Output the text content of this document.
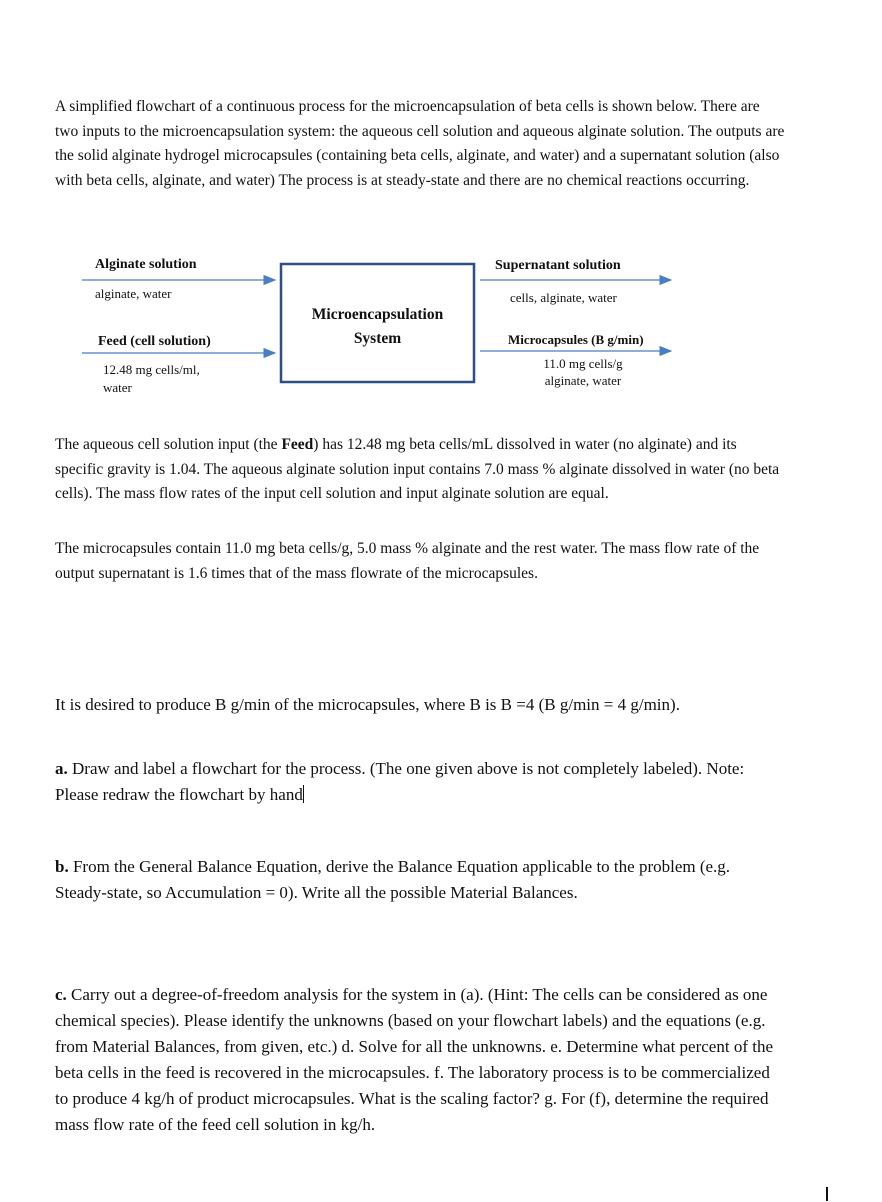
A simplified flowchart of a continuous process for the microencapsulation of beta cells is shown below. There are two inputs to the microencapsulation system: the aqueous cell solution and aqueous alginate solution. The outputs are the solid alginate hydrogel microcapsules (containing beta cells, alginate, and water) and a supernatant solution (also with beta cells, alginate, and water) The process is at steady-state and there are no chemical reactions occurring.

Alginate solution
alginate, water
Feed (cell solution)
12.48 mg cells/ml,
water
Microencapsulation
System
Supernatant solution
cells, alginate, water
Microcapsules (B g/min)
11.0 mg cells/g
alginate, water

The aqueous cell solution input (the Feed) has 12.48 mg beta cells/mL dissolved in water (no alginate) and its specific gravity is 1.04. The aqueous alginate solution input contains 7.0 mass % alginate dissolved in water (no beta cells). The mass flow rates of the input cell solution and input alginate solution are equal.

The microcapsules contain 11.0 mg beta cells/g, 5.0 mass % alginate and the rest water. The mass flow rate of the output supernatant is 1.6 times that of the mass flowrate of the microcapsules.

It is desired to produce B g/min of the microcapsules, where B is B =4 (B g/min = 4 g/min).

a. Draw and label a flowchart for the process. (The one given above is not completely labeled). Note: Please redraw the flowchart by hand

b. From the General Balance Equation, derive the Balance Equation applicable to the problem (e.g. Steady-state, so Accumulation = 0). Write all the possible Material Balances.

c. Carry out a degree-of-freedom analysis for the system in (a). (Hint: The cells can be considered as one chemical species). Please identify the unknowns (based on your flowchart labels) and the equations (e.g. from Material Balances, from given, etc.) d. Solve for all the unknowns. e. Determine what percent of the beta cells in the feed is recovered in the microcapsules. f. The laboratory process is to be commercialized to produce 4 kg/h of product microcapsules. What is the scaling factor? g. For (f), determine the required mass flow rate of the feed cell solution in kg/h.
